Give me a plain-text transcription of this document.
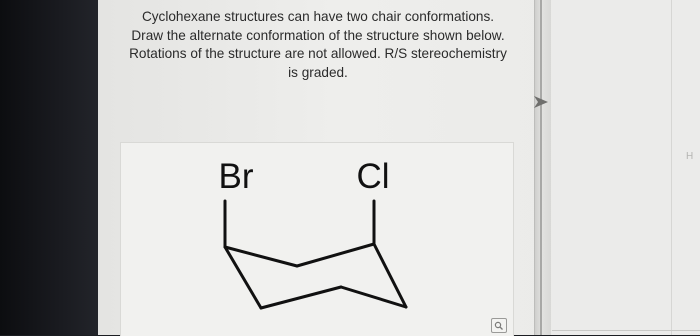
Cyclohexane structures can have two chair conformations.
Draw the alternate conformation of the structure shown below.
Rotations of the structure are not allowed. R/S stereochemistry
is graded.
Br	Cl
H
